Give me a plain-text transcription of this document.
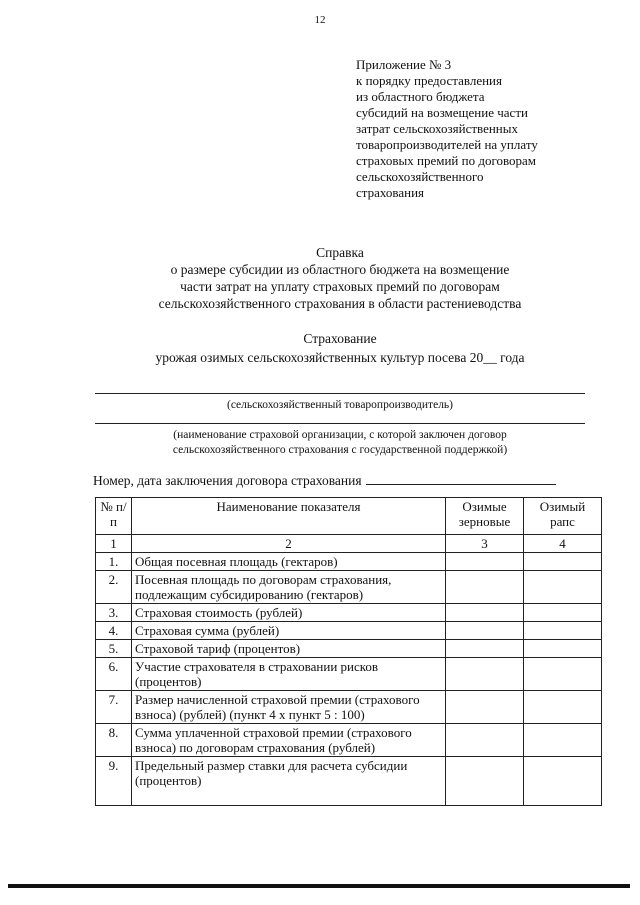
12
Приложение № 3
к порядку предоставления
из областного бюджета
субсидий на возмещение части
затрат сельскохозяйственных
товаропроизводителей на уплату
страховых премий по договорам
сельскохозяйственного
страхования
Справка
о размере субсидии из областного бюджета на возмещение
части затрат на уплату страховых премий по договорам
сельскохозяйственного страхования в области растениеводства
Страхование
урожая озимых сельскохозяйственных культур посева 20__ года
(сельскохозяйственный товаропроизводитель)
(наименование страховой организации, с которой заключен договор
сельскохозяйственного страхования с государственной поддержкой)
Номер, дата заключения договора страхования
№ п/п	Наименование показателя	Озимые зерновые	Озимый рапс
1	2	3	4
1.	Общая посевная площадь (гектаров)		
2.	Посевная площадь по договорам страхования, подлежащим субсидированию (гектаров)		
3.	Страховая стоимость (рублей)		
4.	Страховая сумма (рублей)		
5.	Страховой тариф (процентов)		
6.	Участие страхователя в страховании рисков (процентов)		
7.	Размер начисленной страховой премии (страхового взноса) (рублей) (пункт 4 х пункт 5 : 100)		
8.	Сумма уплаченной страховой премии (страхового взноса) по договорам страхования (рублей)		
9.	Предельный размер ставки для расчета субсидии (процентов)		
